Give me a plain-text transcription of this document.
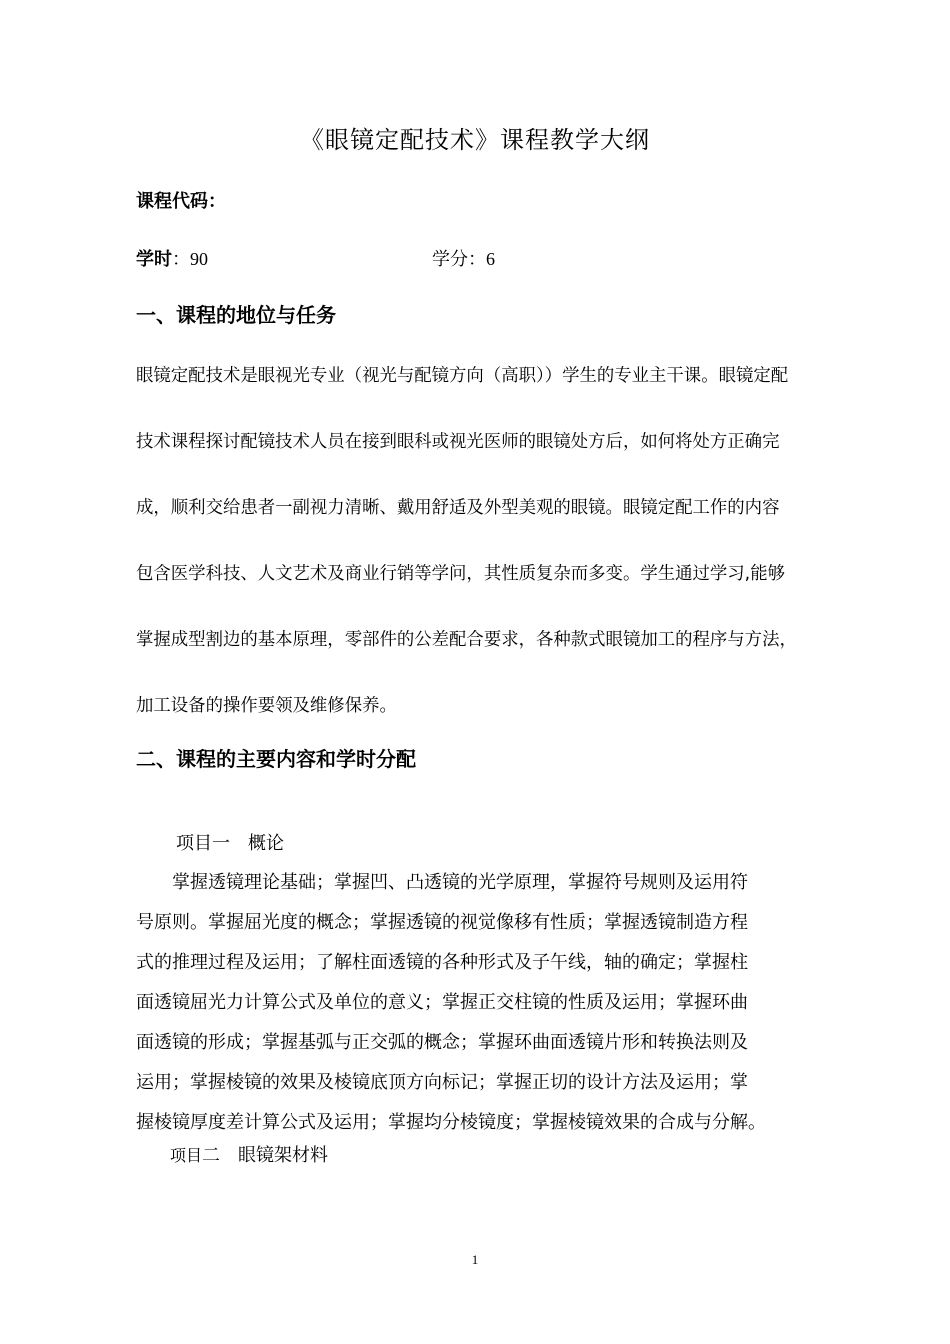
《眼镜定配技术》课程教学大纲
课程代码：
学时：90	学分：6
一、课程的地位与任务

眼镜定配技术是眼视光专业（视光与配镜方向（高职））学生的专业主干课。眼镜定配

技术课程探讨配镜技术人员在接到眼科或视光医师的眼镜处方后，如何将处方正确完

成，顺利交给患者一副视力清晰、戴用舒适及外型美观的眼镜。眼镜定配工作的内容

包含医学科技、人文艺术及商业行销等学问，其性质复杂而多变。学生通过学习,能够

掌握成型割边的基本原理，零部件的公差配合要求，各种款式眼镜加工的程序与方法，

加工设备的操作要领及维修保养。

二、课程的主要内容和学时分配
项目一　概论

　　掌握透镜理论基础；掌握凹、凸透镜的光学原理，掌握符号规则及运用符

号原则。掌握屈光度的概念；掌握透镜的视觉像移有性质；掌握透镜制造方程

式的推理过程及运用；了解柱面透镜的各种形式及子午线，轴的确定；掌握柱

面透镜屈光力计算公式及单位的意义；掌握正交柱镜的性质及运用；掌握环曲

面透镜的形成；掌握基弧与正交弧的概念；掌握环曲面透镜片形和转换法则及

运用；掌握棱镜的效果及棱镜底顶方向标记；掌握正切的设计方法及运用；掌

握棱镜厚度差计算公式及运用；掌握均分棱镜度；掌握棱镜效果的合成与分解。

项目二　眼镜架材料
1
